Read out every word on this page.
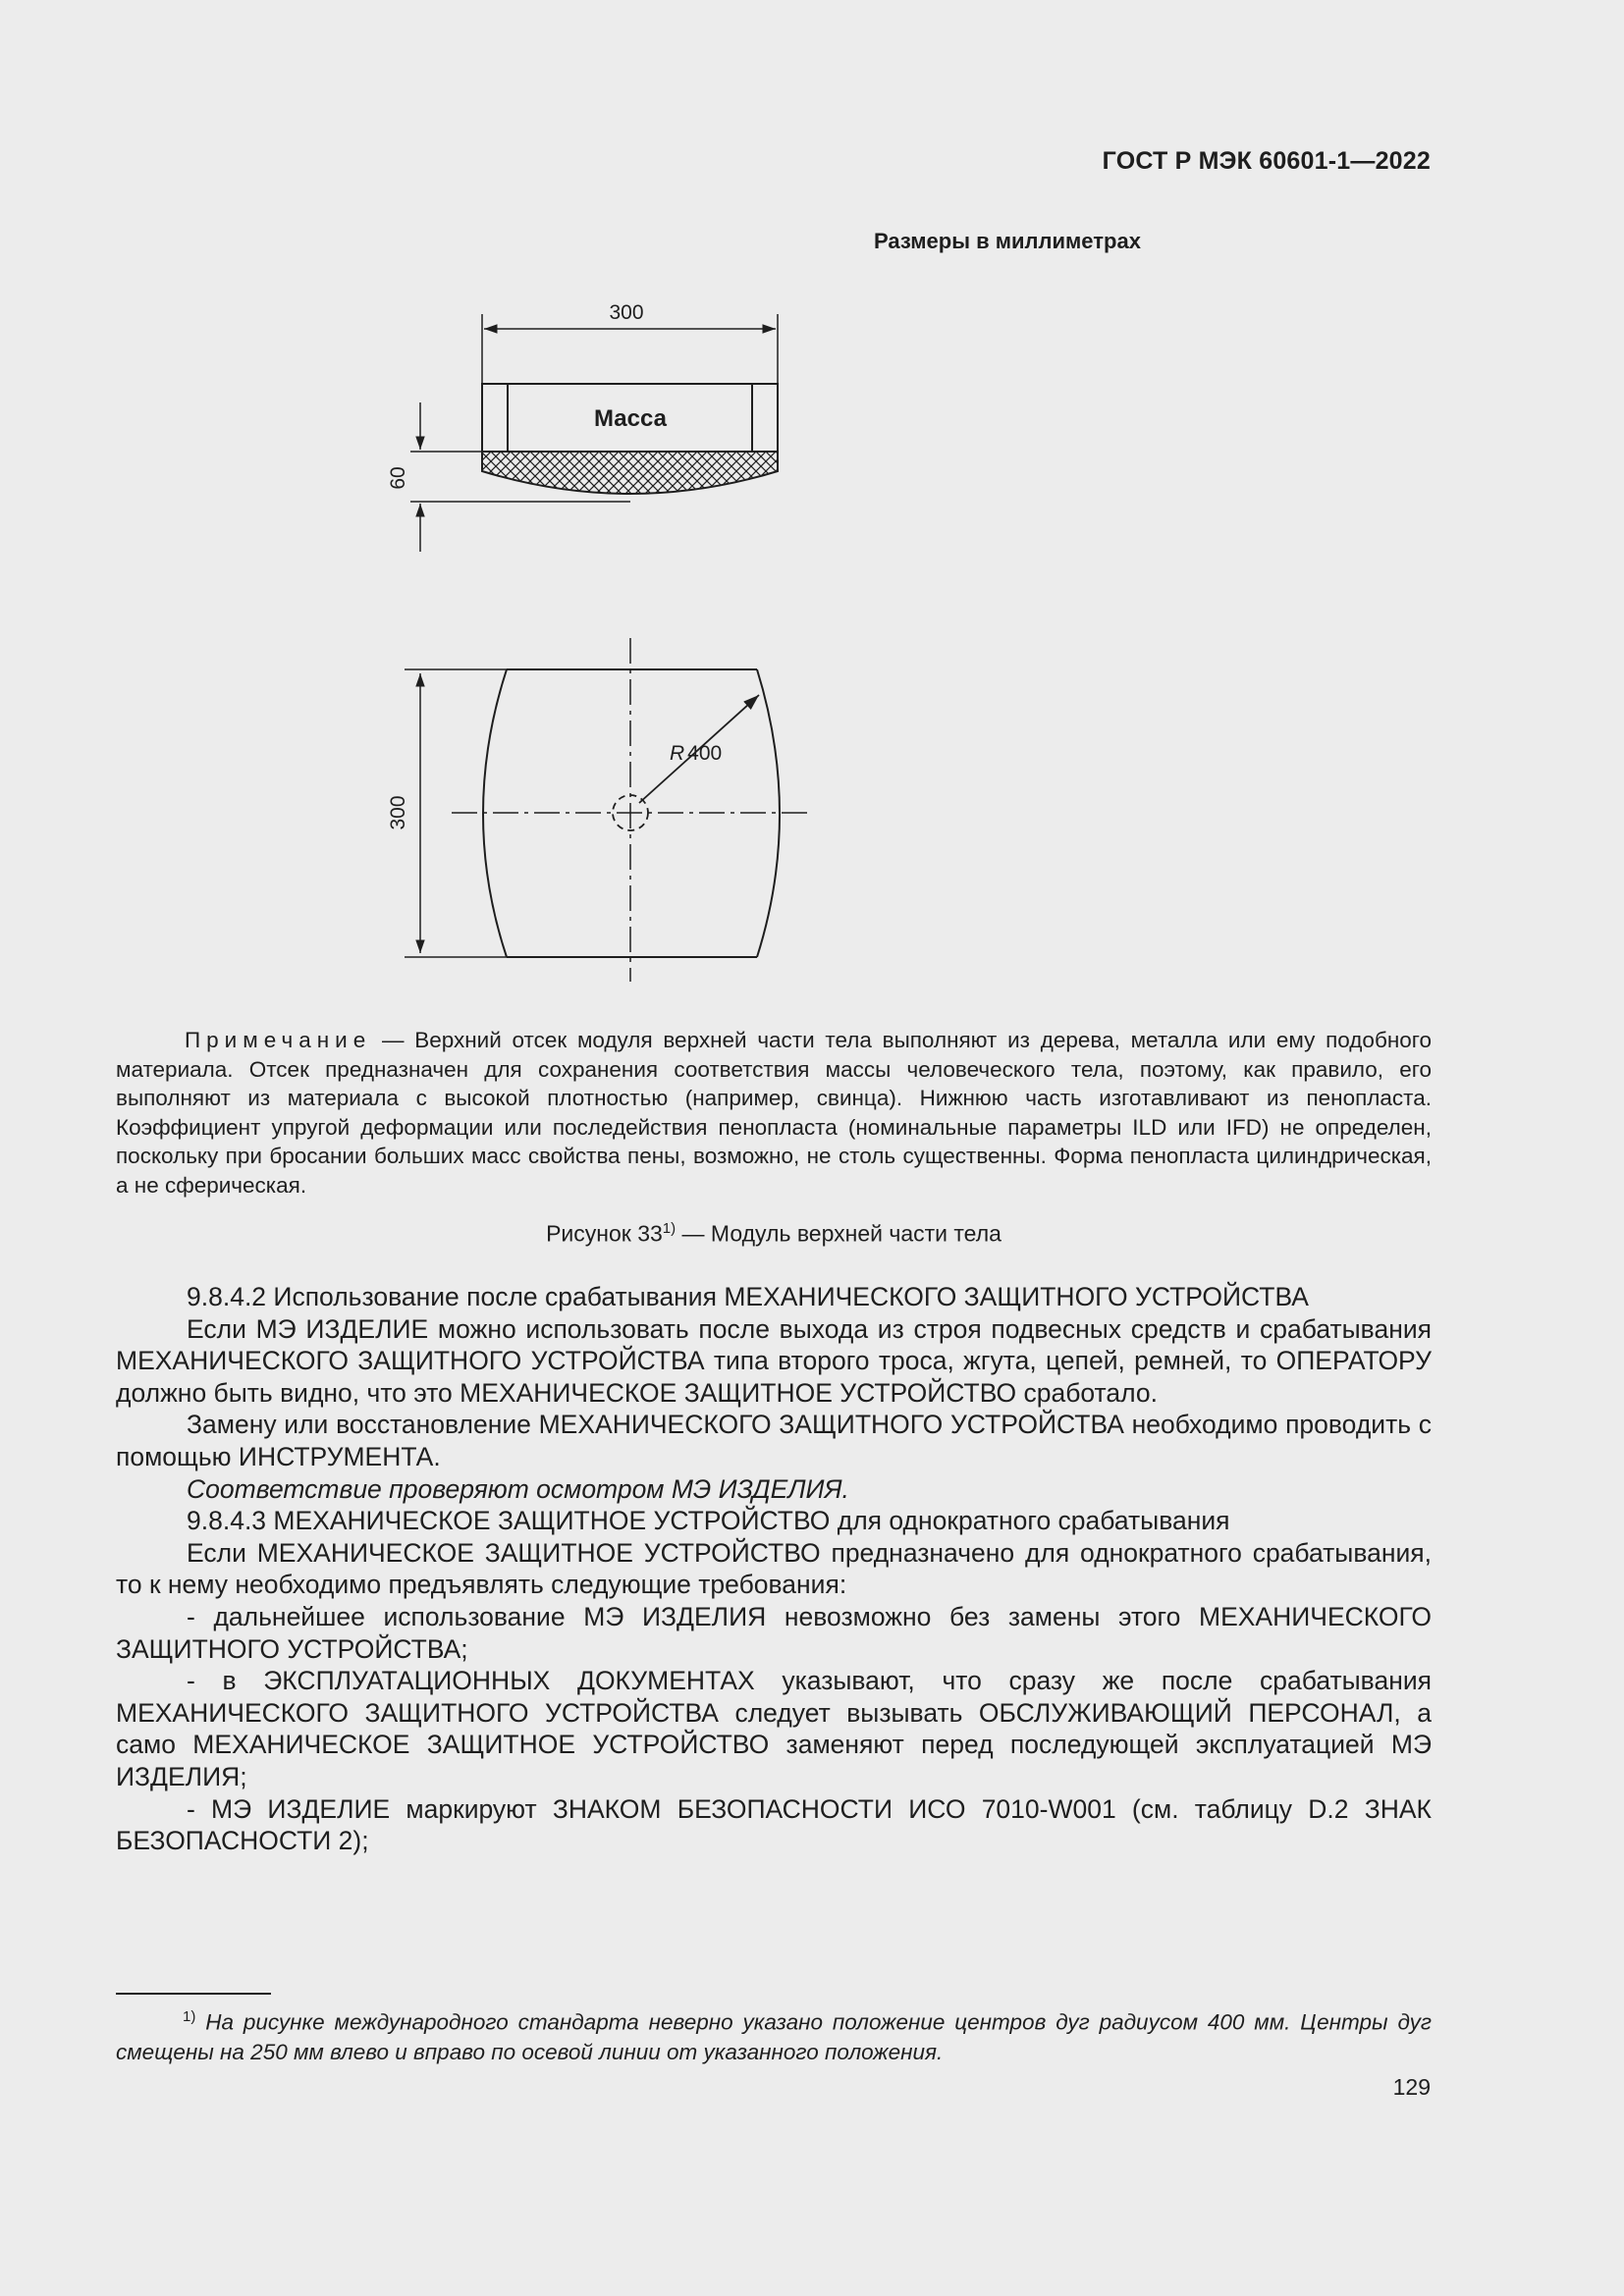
ГОСТ Р МЭК 60601-1—2022
Размеры в миллиметрах
300
Масса
60
R 400
300
Примечание — Верхний отсек модуля верхней части тела выполняют из дерева, металла или ему подобного материала. Отсек предназначен для сохранения соответствия массы человеческого тела, поэтому, как правило, его выполняют из материала с высокой плотностью (например, свинца). Нижнюю часть изготавливают из пенопласта. Коэффициент упругой деформации или последействия пенопласта (номинальные параметры ILD или IFD) не определен, поскольку при бросании больших масс свойства пены, возможно, не столь существенны. Форма пенопласта цилиндрическая, а не сферическая.
Рисунок 33$^{1)}$ — Модуль верхней части тела

9.8.4.2 Использование после срабатывания МЕХАНИЧЕСКОГО ЗАЩИТНОГО УСТРОЙСТВА

Если МЭ ИЗДЕЛИЕ можно использовать после выхода из строя подвесных средств и срабатывания МЕХАНИЧЕСКОГО ЗАЩИТНОГО УСТРОЙСТВА типа второго троса, жгута, цепей, ремней, то ОПЕРАТОРУ должно быть видно, что это МЕХАНИЧЕСКОЕ ЗАЩИТНОЕ УСТРОЙСТВО сработало.

Замену или восстановление МЕХАНИЧЕСКОГО ЗАЩИТНОГО УСТРОЙСТВА необходимо проводить с помощью ИНСТРУМЕНТА.

Соответствие проверяют осмотром МЭ ИЗДЕЛИЯ.

9.8.4.3 МЕХАНИЧЕСКОЕ ЗАЩИТНОЕ УСТРОЙСТВО для однократного срабатывания

Если МЕХАНИЧЕСКОЕ ЗАЩИТНОЕ УСТРОЙСТВО предназначено для однократного срабатывания, то к нему необходимо предъявлять следующие требования:

- дальнейшее использование МЭ ИЗДЕЛИЯ невозможно без замены этого МЕХАНИЧЕСКОГО ЗАЩИТНОГО УСТРОЙСТВА;

- в ЭКСПЛУАТАЦИОННЫХ ДОКУМЕНТАХ указывают, что сразу же после срабатывания МЕХАНИЧЕСКОГО ЗАЩИТНОГО УСТРОЙСТВА следует вызывать ОБСЛУЖИВАЮЩИЙ ПЕРСОНАЛ, а само МЕХАНИЧЕСКОЕ ЗАЩИТНОЕ УСТРОЙСТВО заменяют перед последующей эксплуатацией МЭ ИЗДЕЛИЯ;

- МЭ ИЗДЕЛИЕ маркируют ЗНАКОМ БЕЗОПАСНОСТИ ИСО 7010-W001 (см. таблицу D.2 ЗНАК БЕЗОПАСНОСТИ 2);

$^{1)}$ На рисунке международного стандарта неверно указано положение центров дуг радиусом 400 мм. Центры дуг смещены на 250 мм влево и вправо по осевой линии от указанного положения.
129
